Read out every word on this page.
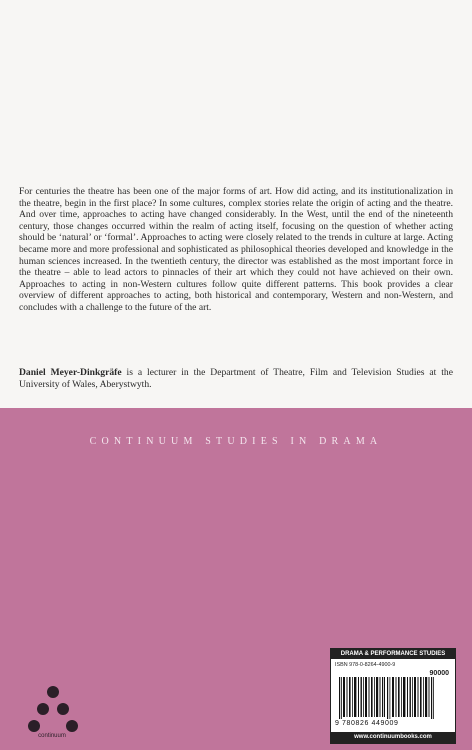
For centuries the theatre has been one of the major forms of art. How did acting, and its institutionalization in the theatre, begin in the first place? In some cultures, complex stories relate the origin of acting and the theatre. And over time, approaches to acting have changed considerably. In the West, until the end of the nineteenth century, those changes occurred within the realm of acting itself, focusing on the question of whether acting should be ‘natural’ or ‘formal’. Approaches to acting were closely related to the trends in culture at large. Acting became more and more professional and sophisticated as philosophical theories developed and knowledge in the human sciences increased. In the twentieth century, the director was established as the most important force in the theatre – able to lead actors to pinnacles of their art which they could not have achieved on their own. Approaches to acting in non-Western cultures follow quite different patterns. This book provides a clear overview of different approaches to acting, both historical and contemporary, Western and non-Western, and concludes with a challenge to the future of the art.

Daniel Meyer-Dinkgräfe is a lecturer in the Department of Theatre, Film and Television Studies at the University of Wales, Aberystwyth.

CONTINUUM STUDIES IN DRAMA
continuum
DRAMA & PERFORMANCE STUDIES
ISBN 978-0-8264-4900-9
90000
9 780826 449009
www.continuumbooks.com
